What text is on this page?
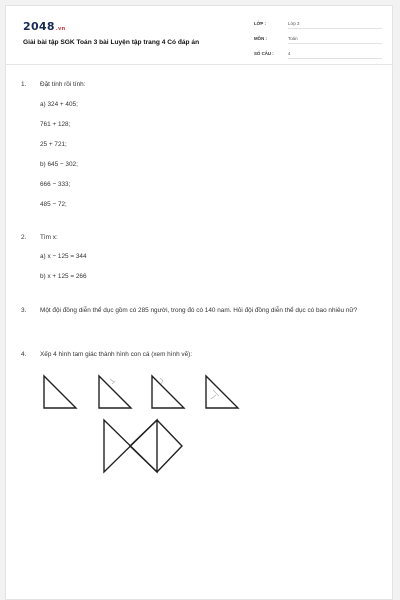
2048.vn
Giải bài tập SGK Toán 3 bài Luyện tập trang 4 Có đáp án
LỚP :	Lớp 3
MÔN :	Toán
SỐ CÂU :	4
1. Đặt tính rồi tính:
a) 324 + 405;
761 + 128;
25 + 721;
b) 645 − 302;
666 − 333;
485 − 72;
2. Tìm x:
a) x − 125 = 344
b) x + 125 = 266
3. Một đội đồng diễn thể dục gồm có 285 người, trong đó có 140 nam. Hỏi đội đồng diễn thể dục có bao nhiêu nữ?
4. Xếp 4 hình tam giác thành hình con cá (xem hình vẽ):
